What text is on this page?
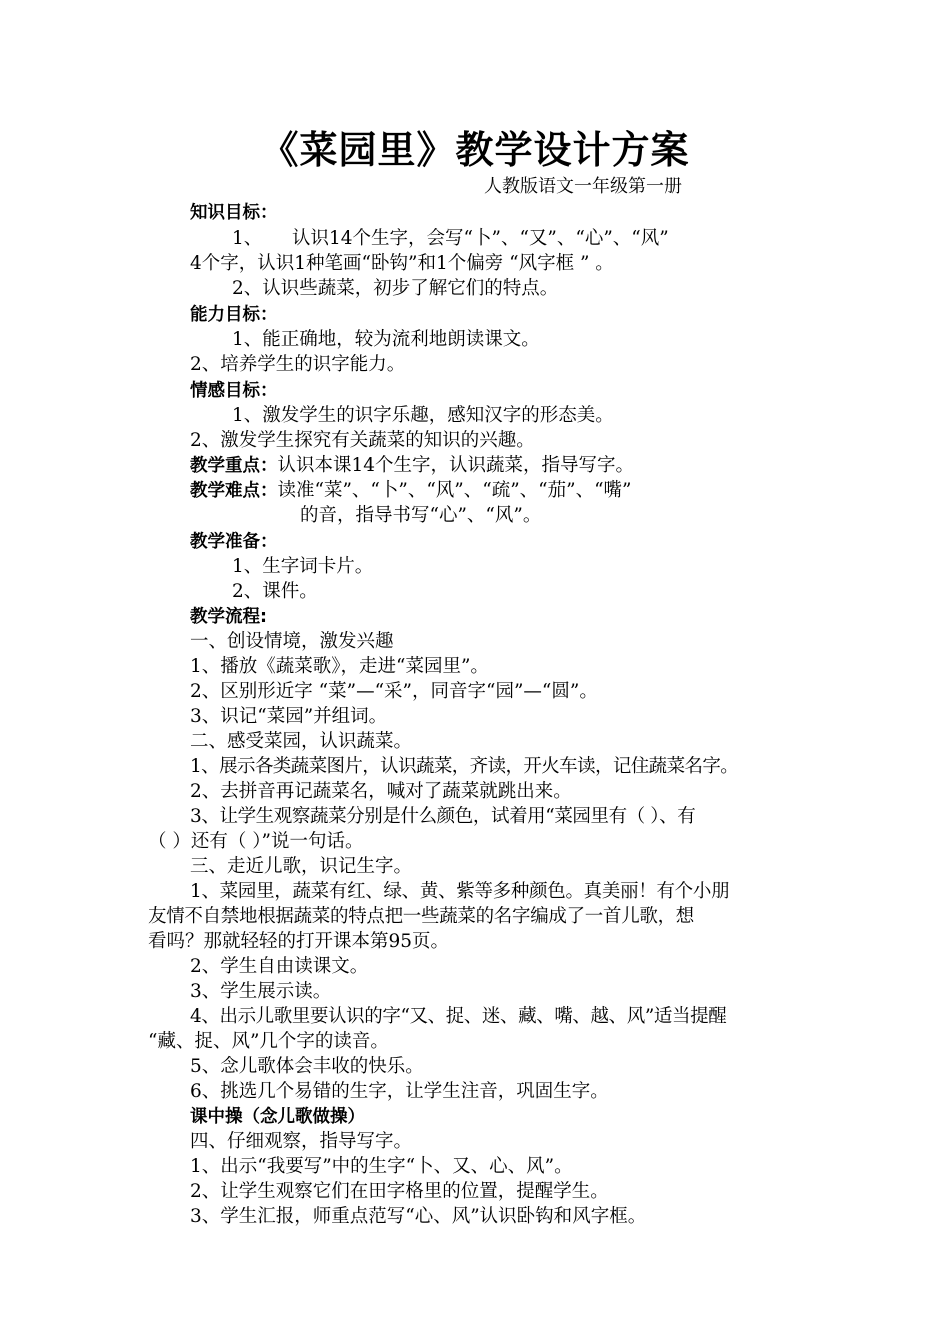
《菜园里》教学设计方案
人教版语文一年级第一册
知识目标：
1、 认识14个生字，会写“卜”、“又”、“心”、“风”
4个字，认识1种笔画“卧钩”和1个偏旁 “风字框 ” 。
2、认识些蔬菜，初步了解它们的特点。
能力目标：
1、能正确地，较为流利地朗读课文。
2、培养学生的识字能力。
情感目标：
1、激发学生的识字乐趣，感知汉字的形态美。
2、激发学生探究有关蔬菜的知识的兴趣。
教学重点：认识本课14个生字，认识蔬菜，指导写字。
教学难点：读准“菜”、“卜”、“风”、“疏”、“茄”、“嘴”
的音，指导书写“心”、“风”。
教学准备：
1、生字词卡片。
2、课件。
教学流程:
一、创设情境，激发兴趣
1、播放《蔬菜歌》，走进“菜园里”。
2、区别形近字 “菜”—“采”，同音字“园”—“圆”。
3、识记“菜园”并组词。
二、感受菜园，认识蔬菜。
1、展示各类蔬菜图片，认识蔬菜，齐读，开火车读，记住蔬菜名字。
2、去拼音再记蔬菜名，喊对了蔬菜就跳出来。
3、让学生观察蔬菜分别是什么颜色，试着用“菜园里有（ ）、有
（ ）还有（ ）”说一句话。
三、走近儿歌，识记生字。
1、菜园里，蔬菜有红、绿、黄、紫等多种颜色。真美丽！有个小朋
友情不自禁地根据蔬菜的特点把一些蔬菜的名字编成了一首儿歌，想
看吗？那就轻轻的打开课本第95页。
2、学生自由读课文。
3、学生展示读。
4、出示儿歌里要认识的字“又、捉、迷、藏、嘴、越、风”适当提醒
“藏、捉、风”几个字的读音。
5、念儿歌体会丰收的快乐。
6、挑选几个易错的生字，让学生注音，巩固生字。
课中操（念儿歌做操）
四、仔细观察，指导写字。
1、出示“我要写”中的生字“卜、又、心、风”。
2、让学生观察它们在田字格里的位置，提醒学生。
3、学生汇报，师重点范写“心、风”认识卧钩和风字框。
